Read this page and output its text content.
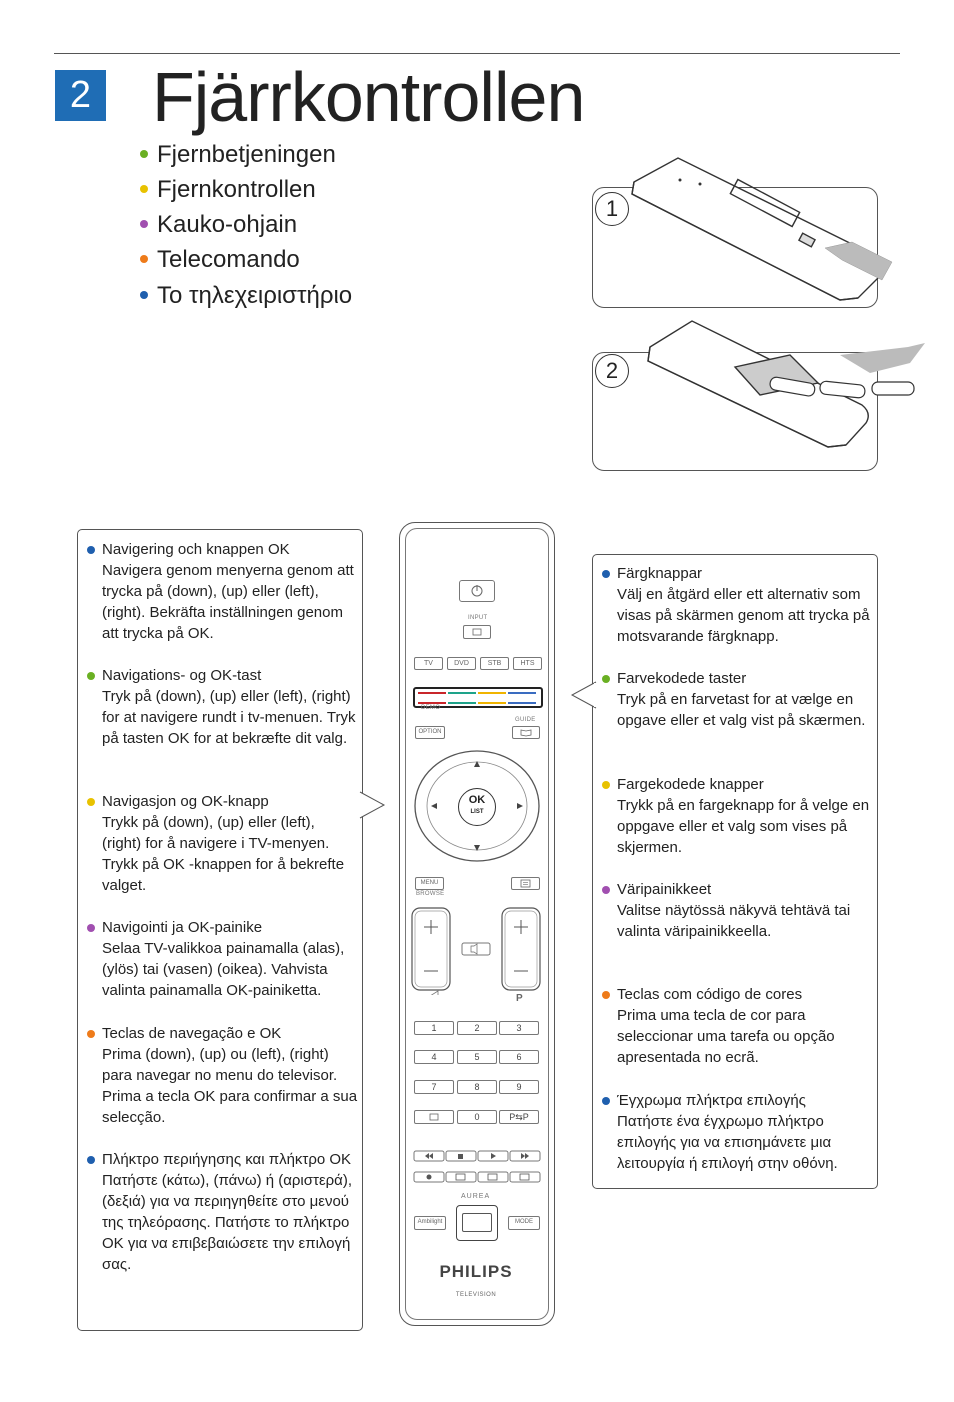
2 Fjärrkontrollen
Fjernbetjeningen
Fjernkontrollen
Kauko-ohjain
Telecomando
Το τηλεχειριστήριο
1
2
Navigering och knappen OK
Navigera genom menyerna genom att trycka på (down), (up) eller (left), (right). Bekräfta inställningen genom att trycka på OK.
Navigations- og OK-tast
Tryk på (down), (up) eller (left), (right) for at navigere rundt i tv-menuen. Tryk på tasten OK for at bekræfte dit valg.
Navigasjon og OK-knapp
Trykk på (down), (up) eller (left), (right) for å navigere i TV-menyen. Trykk på OK -knappen for å bekrefte valget.
Navigointi ja OK-painike
Selaa TV-valikkoa painamalla (alas), (ylös) tai (vasen) (oikea). Vahvista valinta painamalla OK-painiketta.
Teclas de navegação e OK
Prima (down), (up) ou (left), (right) para navegar no menu do televisor. Prima a tecla OK para confirmar a sua selecção.
Πλήκτρο περιήγησης και πλήκτρο OK
Πατήστε (κάτω), (πάνω) ή (αριστερά), (δεξιά) για να περιηγηθείτε στο μενού της τηλεόρασης. Πατήστε το πλήκτρο OK για να επιβεβαιώσετε την επιλογή σας.
Färgknappar
Välj en åtgärd eller ett alternativ som visas på skärmen genom att trycka på motsvarande färgknapp.
Farvekodede taster
Tryk på en farvetast for at vælge en opgave eller et valg vist på skærmen.
Fargekodede knapper
Trykk på en fargeknapp for å velge en oppgave eller et valg som vises på skjermen.
Väripainikkeet
Valitse näytössä näkyvä tehtävä tai valinta väripainikkeella.
Teclas com código de cores
Prima uma tecla de cor para seleccionar uma tarefa ou opção apresentada no ecrã.
Έγχρωμα πλήκτρα επιλογής
Πατήστε ένα έγχρωμο πλήκτρο επιλογής για να επισημάνετε μια λειτουργία ή επιλογή στην οθόνη.
INPUT
TV	DVD	STB	HTS
DEMO
GUIDE
OPTION
OK
LIST
MENU
BROWSE
P
1	2	3
4	5	6
7	8	9
0	P⇆P
AUREA
Ambilight	MODE
PHILIPS
TELEVISION
